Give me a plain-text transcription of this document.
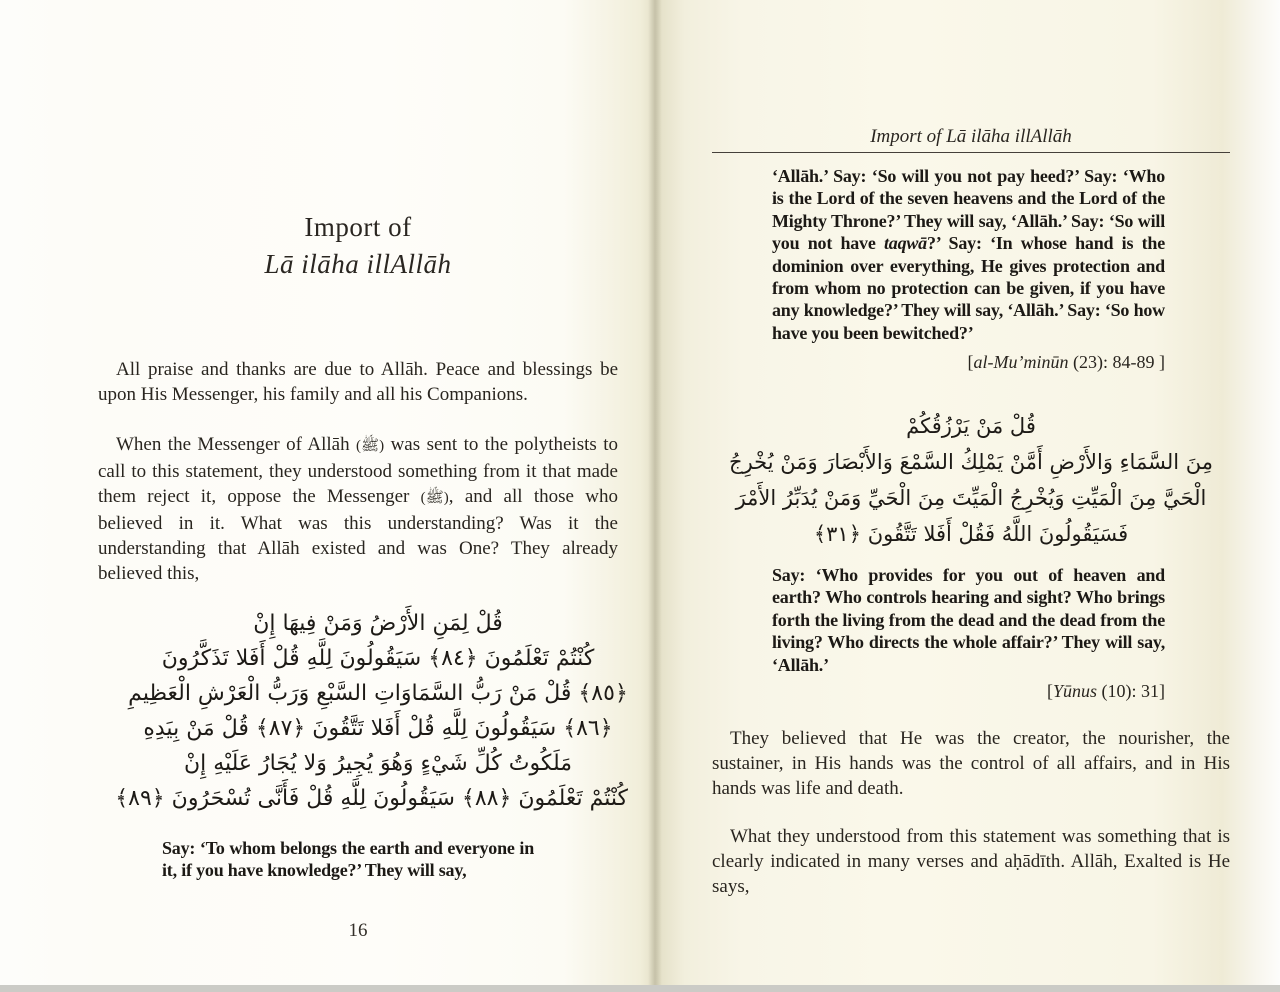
Import of
Lā ilāha illAllāh
All praise and thanks are due to Allāh. Peace and blessings be upon His Messenger, his family and all his Companions.
When the Messenger of Allāh (ﷺ) was sent to the polytheists to call to this statement, they understood something from it that made them reject it, oppose the Messenger (ﷺ), and all those who believed in it. What was this understanding? Was it the understanding that Allāh existed and was One? They already believed this,
قُلْ لِمَنِ الأَرْضُ وَمَنْ فِيهَا إِنْ
كُنْتُمْ تَعْلَمُونَ ﴿٨٤﴾ سَيَقُولُونَ لِلَّهِ قُلْ أَفَلا تَذَكَّرُونَ
﴿٨٥﴾ قُلْ مَنْ رَبُّ السَّمَاوَاتِ السَّبْعِ وَرَبُّ الْعَرْشِ الْعَظِيمِ
﴿٨٦﴾ سَيَقُولُونَ لِلَّهِ قُلْ أَفَلا تَتَّقُونَ ﴿٨٧﴾ قُلْ مَنْ بِيَدِهِ
مَلَكُوتُ كُلِّ شَيْءٍ وَهُوَ يُجِيرُ وَلا يُجَارُ عَلَيْهِ إِنْ
كُنْتُمْ تَعْلَمُونَ ﴿٨٨﴾ سَيَقُولُونَ لِلَّهِ قُلْ فَأَنَّى تُسْحَرُونَ ﴿٨٩﴾
Say: ‘To whom belongs the earth and everyone in it, if you have knowledge?’ They will say,
16
Import of Lā ilāha illAllāh
‘Allāh.’ Say: ‘So will you not pay heed?’ Say: ‘Who is the Lord of the seven heavens and the Lord of the Mighty Throne?’ They will say, ‘Allāh.’ Say: ‘So will you not have taqwā?’ Say: ‘In whose hand is the dominion over everything, He gives protection and from whom no protection can be given, if you have any knowledge?’ They will say, ‘Allāh.’ Say: ‘So how have you been bewitched?’
[al-Mu’minūn (23): 84-89 ]
قُلْ مَنْ يَرْزُقُكُمْ
مِنَ السَّمَاءِ وَالأَرْضِ أَمَّنْ يَمْلِكُ السَّمْعَ وَالأَبْصَارَ وَمَنْ يُخْرِجُ
الْحَيَّ مِنَ الْمَيِّتِ وَيُخْرِجُ الْمَيِّتَ مِنَ الْحَيِّ وَمَنْ يُدَبِّرُ الأَمْرَ
فَسَيَقُولُونَ اللَّهُ فَقُلْ أَفَلا تَتَّقُونَ ﴿٣١﴾
Say: ‘Who provides for you out of heaven and earth? Who controls hearing and sight? Who brings forth the living from the dead and the dead from the living? Who directs the whole affair?’ They will say, ‘Allāh.’
[Yūnus (10): 31]
They believed that He was the creator, the nourisher, the sustainer, in His hands was the control of all affairs, and in His hands was life and death.
What they understood from this statement was something that is clearly indicated in many verses and aḥādīth. Allāh, Exalted is He says,
